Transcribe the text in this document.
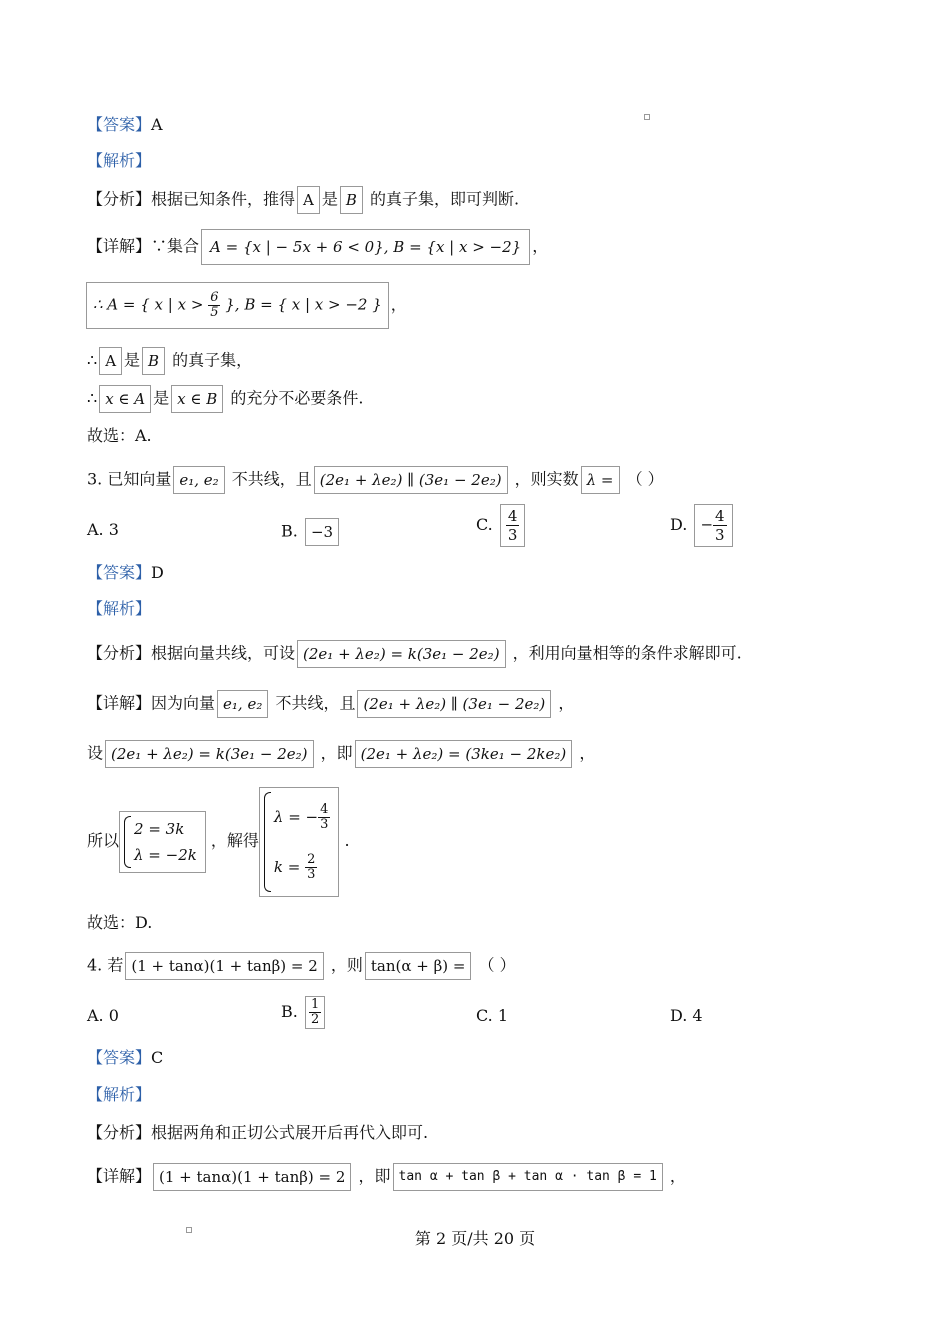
【答案】A
【解析】
【分析】根据已知条件，推得 A 是 B 的真子集，即可判断.
【详解】∵集合 A = {x | − 5x + 6 < 0}, B = {x | x > −2} ，
∴ A = { x | $x > \frac{6}{5}$ }, B = { x | x > −2 } ，
∴ A 是 B 的真子集，
∴ x ∈ A 是 x ∈ B 的充分不必要条件.
故选：A.
3. 已知向量 e₁, e₂ 不共线，且 (2e₁ + λe₂) ∥ (3e₁ − 2e₂) ，则实数 λ = （ ）
A. 3	B. −3	C. $\frac{4}{3}$	D. − $\frac{4}{3}$
【答案】D
【解析】
【分析】根据向量共线，可设 (2e₁ + λe₂) = k(3e₁ − 2e₂) ，利用向量相等的条件求解即可.
【详解】因为向量 e₁, e₂ 不共线，且 (2e₁ + λe₂) ∥ (3e₁ − 2e₂) ，
设 (2e₁ + λe₂) = k(3e₁ − 2e₂) ，即 (2e₁ + λe₂) = (3ke₁ − 2ke₂) ，
所以
2 = 3k
λ = −2k
，解得
λ = − $\frac{4}{3}$
$k = \frac{2}{3}$
.
故选：D.
4. 若 (1 + tanα)(1 + tanβ) = 2 ，则 tan(α + β) = （ ）
A. 0	B. $\frac{1}{2}$	C. 1	D. 4
【答案】C
【解析】
【分析】根据两角和正切公式展开后再代入即可.
【详解】 (1 + tanα)(1 + tanβ) = 2 ，即 tan α + tan β + tan α · tan β = 1 ，
第 2 页/共 20 页
